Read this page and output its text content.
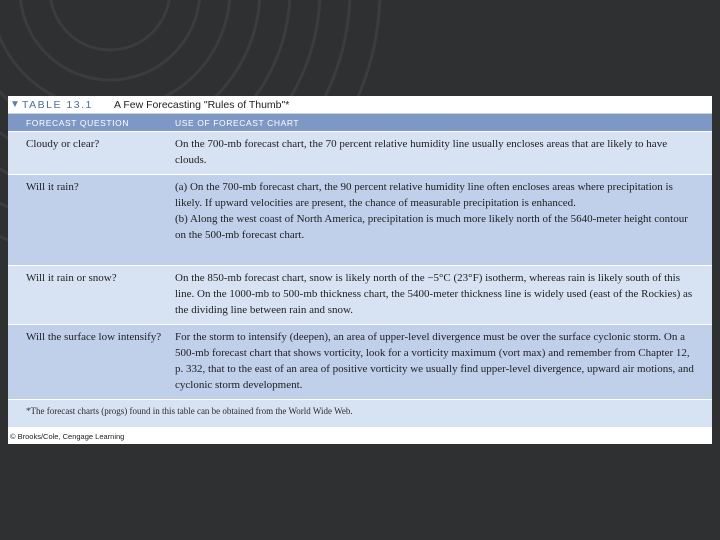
▼ TABLE 13.1	A Few Forecasting "Rules of Thumb"*
FORECAST QUESTION	USE OF FORECAST CHART
Cloudy or clear?	On the 700-mb forecast chart, the 70 percent relative humidity line usually encloses areas that are likely to have clouds.
Will it rain?	(a) On the 700-mb forecast chart, the 90 percent relative humidity line often encloses areas where precipitation is likely. If upward velocities are present, the chance of measurable precipitation is enhanced.
(b) Along the west coast of North America, precipitation is much more likely north of the 5640-meter height contour on the 500-mb forecast chart.
Will it rain or snow?	On the 850-mb forecast chart, snow is likely north of the −5°C (23°F) isotherm, whereas rain is likely south of this line. On the 1000-mb to 500-mb thickness chart, the 5400-meter thickness line is widely used (east of the Rockies) as the dividing line between rain and snow.
Will the surface low intensify?	For the storm to intensify (deepen), an area of upper-level divergence must be over the surface cyclonic storm. On a 500-mb forecast chart that shows vorticity, look for a vorticity maximum (vort max) and remember from Chapter 12, p. 332, that to the east of an area of positive vorticity we usually find upper-level divergence, upward air motions, and cyclonic storm development.
*The forecast charts (progs) found in this table can be obtained from the World Wide Web.
© Brooks/Cole, Cengage Learning
